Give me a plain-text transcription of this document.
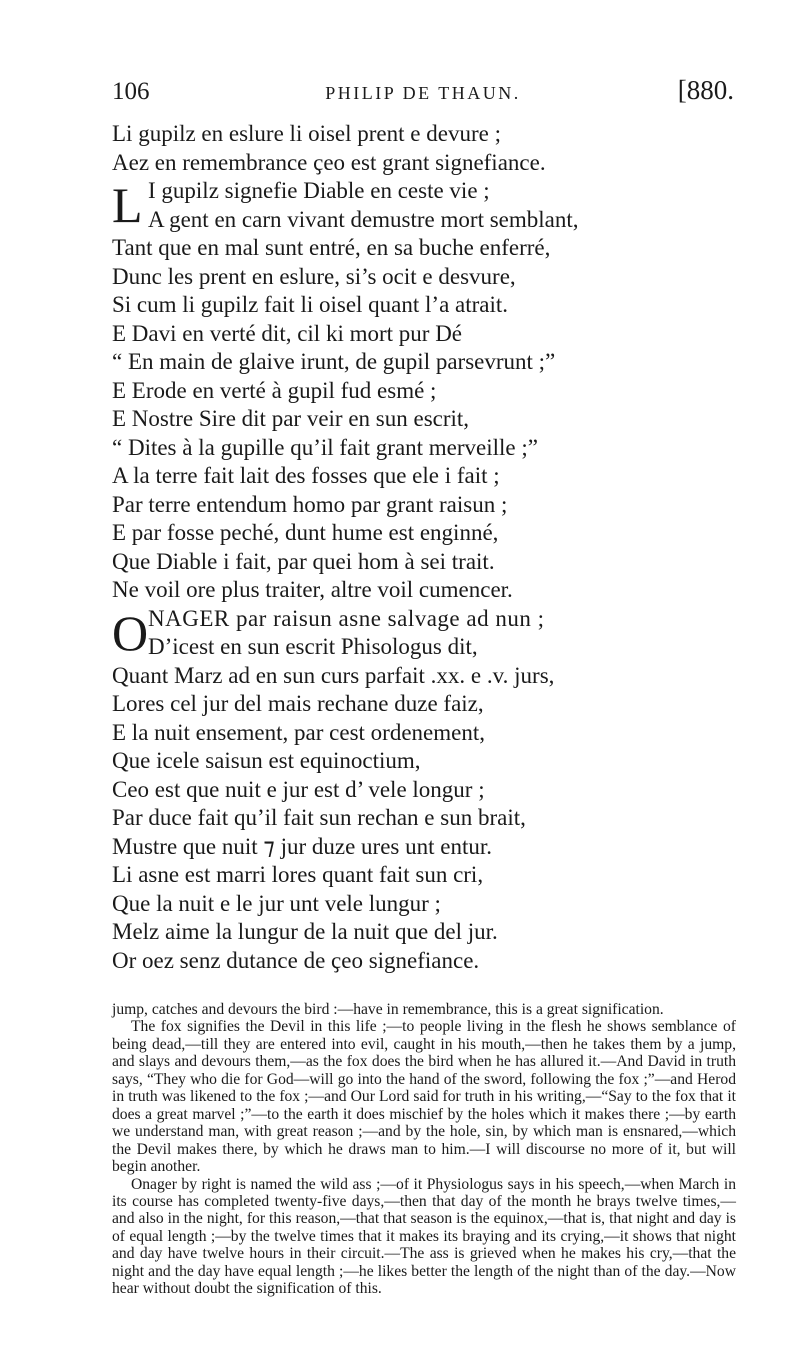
106	PHILIP DE THAUN.	[880.
Li gupilz en eslure li oisel prent e devure ;
Aez en remembrance ҫeo est grant signefiance.
L I gupilz signefie Diable en ceste vie ;
A gent en carn vivant demustre mort semblant,
Tant que en mal sunt entré, en sa buche enferré,
Dunc les prent en eslure, si’s ocit e desvure,
Si cum li gupilz fait li oisel quant l’a atrait.
E Davi en verté dit, cil ki mort pur Dé
“ En main de glaive irunt, de gupil parsevrunt ;”
E Erode en verté à gupil fud esmé ;
E Nostre Sire dit par veir en sun escrit,
“ Dites à la gupille qu’il fait grant merveille ;”
A la terre fait lait des fosses que ele i fait ;
Par terre entendum homo par grant raisun ;
E par fosse peché, dunt hume est enginné,
Que Diable i fait, par quei hom à sei trait.
Ne voil ore plus traiter, altre voil cumencer.
O NAGER par raisun asne salvage ad nun ;
D’icest en sun escrit Phisologus dit,
Quant Marz ad en sun curs parfait .xx. e .v. jurs,
Lores cel jur del mais rechane duze faiz,
E la nuit ensement, par cest ordenement,
Que icele saisun est equinoctium,
Ceo est que nuit e jur est d’ vele longur ;
Par duce fait qu’il fait sun rechan e sun brait,
Mustre que nuit ⁊ jur duze ures unt entur.
Li asne est marri lores quant fait sun cri,
Que la nuit e le jur unt vele lungur ;
Melz aime la lungur de la nuit que del jur.
Or oez senz dutance de ҫeo signefiance.

jump, catches and devours the bird :—have in remembrance, this is a great signification.

The fox signifies the Devil in this life ;—to people living in the flesh he shows semblance of being dead,—till they are entered into evil, caught in his mouth,—then he takes them by a jump, and slays and devours them,—as the fox does the bird when he has allured it.—And David in truth says, “They who die for God—will go into the hand of the sword, following the fox ;”—and Herod in truth was likened to the fox ;—and Our Lord said for truth in his writing,—“Say to the fox that it does a great marvel ;”—to the earth it does mischief by the holes which it makes there ;—by earth we understand man, with great reason ;—and by the hole, sin, by which man is ensnared,—which the Devil makes there, by which he draws man to him.—I will discourse no more of it, but will begin another.

Onager by right is named the wild ass ;—of it Physiologus says in his speech,—when March in its course has completed twenty-five days,—then that day of the month he brays twelve times,—and also in the night, for this reason,—that that season is the equinox,—that is, that night and day is of equal length ;—by the twelve times that it makes its braying and its crying,—it shows that night and day have twelve hours in their circuit.—The ass is grieved when he makes his cry,—that the night and the day have equal length ;—he likes better the length of the night than of the day.—Now hear without doubt the signification of this.
